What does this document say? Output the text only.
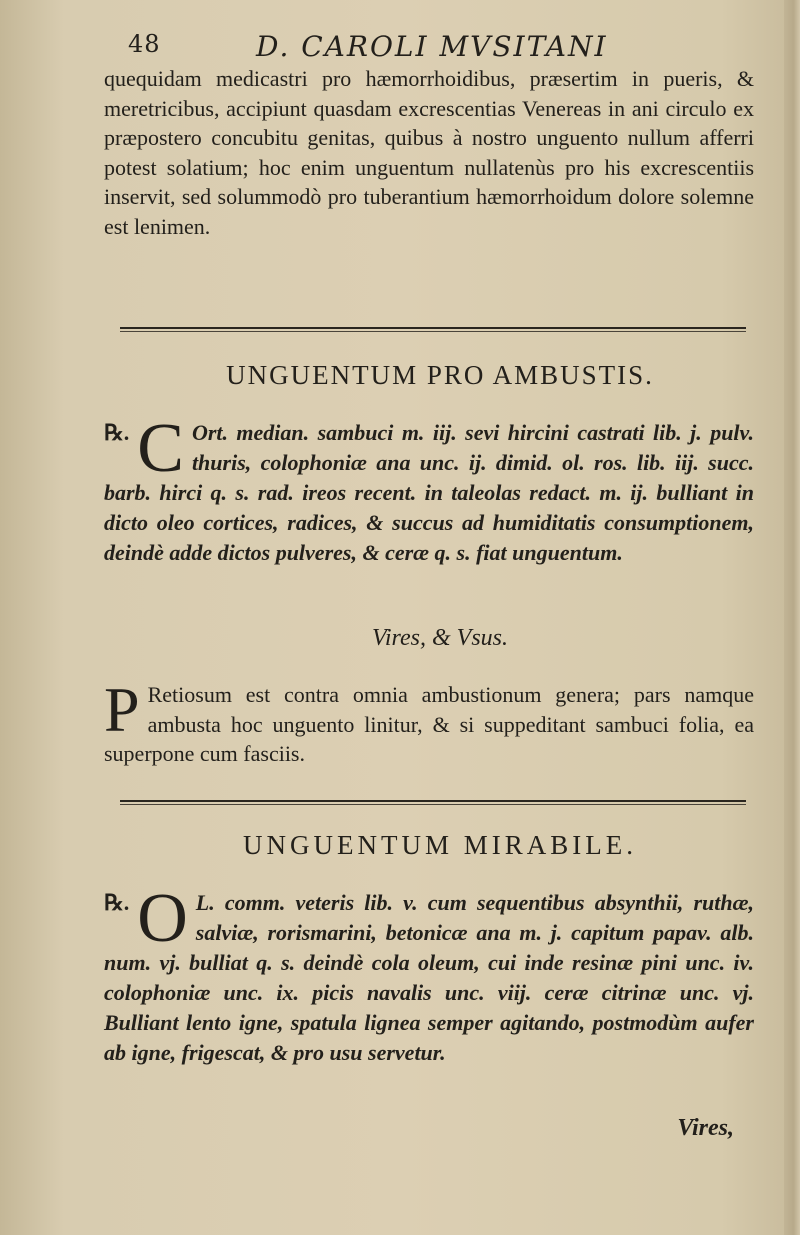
48	D. CAROLI MVSITANI
quequidam medicastri pro hæmorrhoidibus, præsertim in pueris, & meretricibus, accipiunt quasdam excrescentias Venereas in ani circulo ex præpostero concubitu genitas, quibus à nostro unguento nullum afferri potest solatium; hoc enim unguentum nullatenùs pro his excrescentiis inservit, sed solummodò pro tuberantium hæmorrhoidum dolore solemne est lenimen.
UNGUENTUM PRO AMBUSTIS.
℞. C Ort. median. sambuci m. iij. sevi hircini castrati lib. j. pulv. thuris, colophoniæ ana unc. ij. dimid. ol. ros. lib. iij. succ. barb. hirci q. s. rad. ireos recent. in taleolas redact. m. ij. bulliant in dicto oleo cortices, radices, & succus ad humiditatis consumptionem, deindè adde dictos pulveres, & ceræ q. s. fiat unguentum.
Vires, & Vsus.
P Retiosum est contra omnia ambustionum genera; pars namque ambusta hoc unguento linitur, & si suppeditant sambuci folia, ea superpone cum fasciis.
UNGUENTUM MIRABILE.
℞. O L. comm. veteris lib. v. cum sequentibus absynthii, ruthæ, salviæ, rorismarini, betonicæ ana m. j. capitum papav. alb. num. vj. bulliat q. s. deindè cola oleum, cui inde resinæ pini unc. iv. colophoniæ unc. ix. picis navalis unc. viij. ceræ citrinæ unc. vj. Bulliant lento igne, spatula lignea semper agitando, postmodùm aufer ab igne, frigescat, & pro usu servetur.
Vires,
